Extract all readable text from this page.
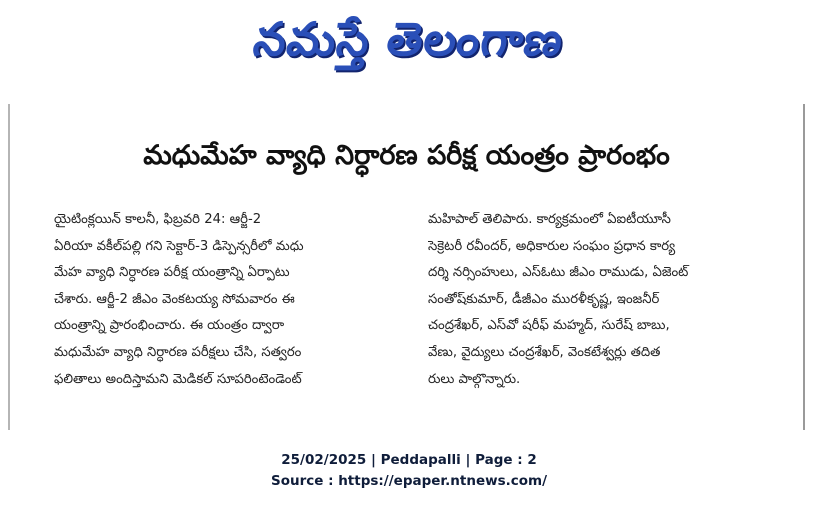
నమస్తే తెలంగాణ
మధుమేహ వ్యాధి నిర్ధారణ పరీక్ష యంత్రం ప్రారంభం
యైటింక్లయిన్ కాలనీ, ఫిబ్రవరి 24: ఆర్జీ-2
ఏరియా వకీల్‌పల్లి గని సెక్టార్-3 డిస్పెన్సరీలో మధు
మేహ వ్యాధి నిర్ధారణ పరీక్ష యంత్రాన్ని ఏర్పాటు
చేశారు. ఆర్జీ-2 జీఎం వెంకటయ్య సోమవారం ఈ
యంత్రాన్ని ప్రారంభించారు. ఈ యంత్రం ద్వారా
మధుమేహ వ్యాధి నిర్ధారణ పరీక్షలు చేసి, సత్వరం
ఫలితాలు అందిస్తామని మెడికల్ సూపరింటెండెంట్
మహిపాల్ తెలిపారు. కార్యక్రమంలో ఏఐటీయూసీ
సెక్రెటరీ రవీందర్, అధికారుల సంఘం ప్రధాన కార్య
దర్శి నర్సింహులు, ఎస్‌ఓటు జీఎం రాముడు, ఏజెంట్
సంతోష్‌కుమార్, డీజీఎం మురళీకృష్ణ, ఇంజనీర్
చంద్రశేఖర్, ఎస్‌వో షరీఫ్ మహ్మద్, సురేష్ బాబు,
వేణు, వైద్యులు చంద్రశేఖర్, వెంకటేశ్వర్లు తదిత
రులు పాల్గొన్నారు.
25/02/2025 | Peddapalli | Page : 2
Source : https://epaper.ntnews.com/
